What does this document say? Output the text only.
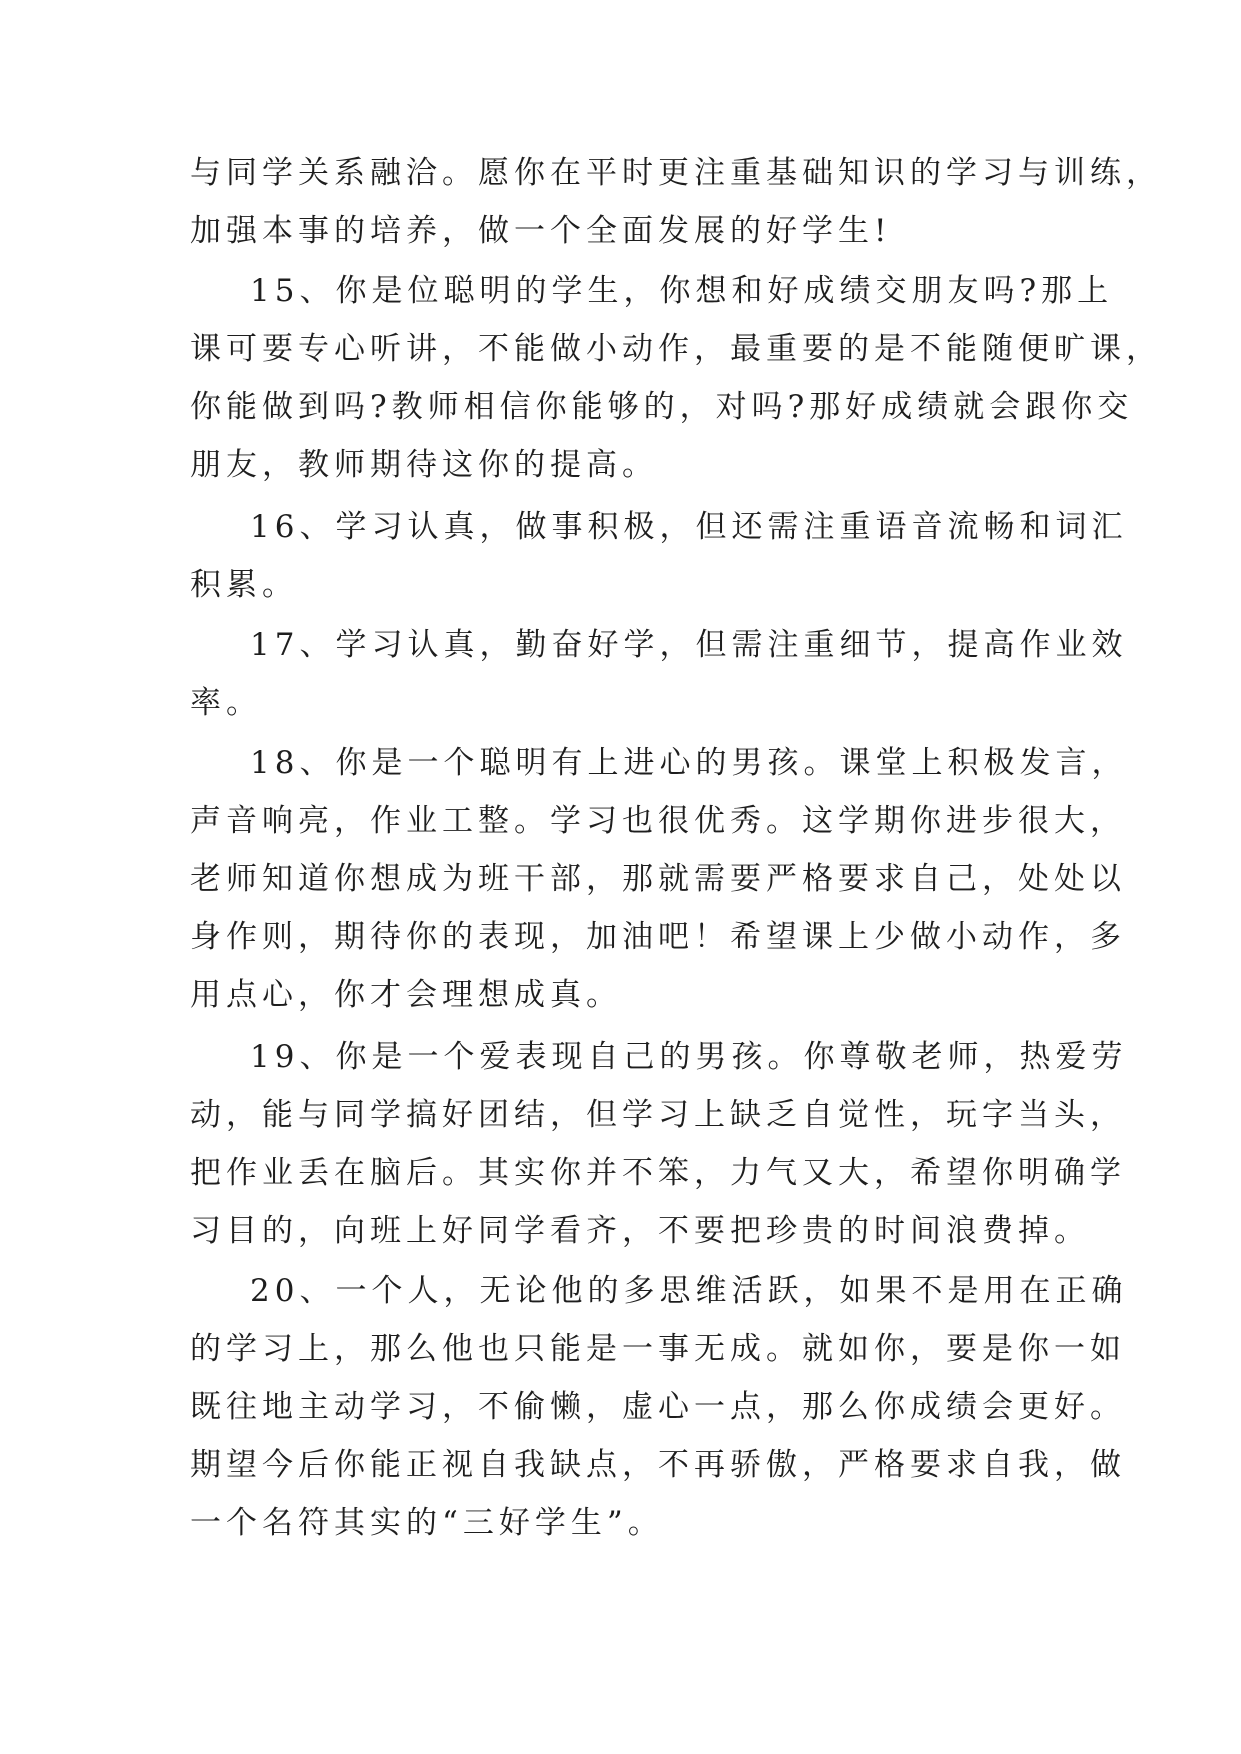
与同学关系融洽。愿你在平时更注重基础知识的学习与训练，

加强本事的培养，做一个全面发展的好学生!

15、你是位聪明的学生，你想和好成绩交朋友吗?那上

课可要专心听讲，不能做小动作，最重要的是不能随便旷课，

你能做到吗?教师相信你能够的，对吗?那好成绩就会跟你交

朋友，教师期待这你的提高。

16、学习认真，做事积极，但还需注重语音流畅和词汇

积累。

17、学习认真，勤奋好学，但需注重细节，提高作业效

率。

18、你是一个聪明有上进心的男孩。课堂上积极发言，

声音响亮，作业工整。学习也很优秀。这学期你进步很大，

老师知道你想成为班干部，那就需要严格要求自己，处处以

身作则，期待你的表现，加油吧！希望课上少做小动作，多

用点心，你才会理想成真。

19、你是一个爱表现自己的男孩。你尊敬老师，热爱劳

动，能与同学搞好团结，但学习上缺乏自觉性，玩字当头，

把作业丢在脑后。其实你并不笨，力气又大，希望你明确学

习目的，向班上好同学看齐，不要把珍贵的时间浪费掉。

20、一个人，无论他的多思维活跃，如果不是用在正确

的学习上，那么他也只能是一事无成。就如你，要是你一如

既往地主动学习，不偷懒，虚心一点，那么你成绩会更好。

期望今后你能正视自我缺点，不再骄傲，严格要求自我，做

一个名符其实的“三好学生”。
